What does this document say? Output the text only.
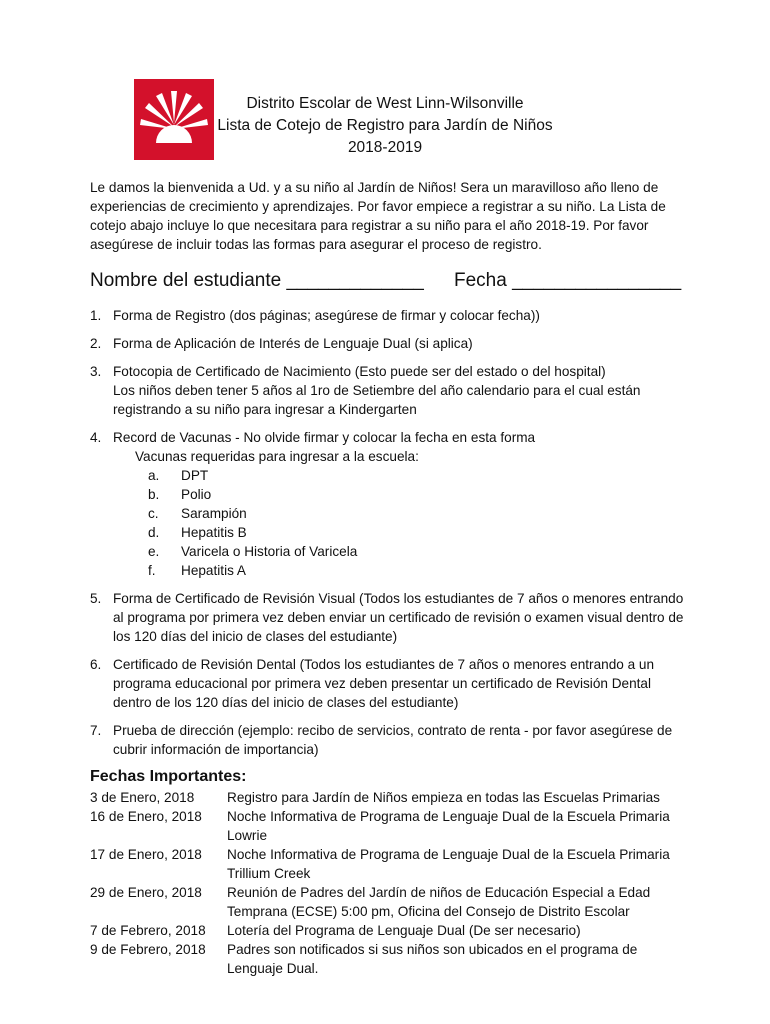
Distrito Escolar de West Linn-Wilsonville
Lista de Cotejo de Registro para Jardín de Niños
2018-2019
Le damos la bienvenida a Ud. y a su niño al Jardín de Niños! Sera un maravilloso año lleno de experiencias de crecimiento y aprendizajes. Por favor empiece a registrar a su niño. La Lista de cotejo abajo incluye lo que necesitara para registrar a su niño para el año 2018-19. Por favor asegúrese de incluir todas las formas para asegurar el proceso de registro.
Nombre del estudiante _____________ Fecha ________________
1. Forma de Registro (dos páginas; asegúrese de firmar y colocar fecha))
2. Forma de Aplicación de Interés de Lenguaje Dual (si aplica)
3. Fotocopia de Certificado de Nacimiento (Esto puede ser del estado o del hospital)
Los niños deben tener 5 años al 1ro de Setiembre del año calendario para el cual están registrando a su niño para ingresar a Kindergarten
4. Record de Vacunas - No olvide firmar y colocar la fecha en esta forma
Vacunas requeridas para ingresar a la escuela:
a. DPT
b. Polio
c. Sarampión
d. Hepatitis B
e. Varicela o Historia of Varicela
f. Hepatitis A
5. Forma de Certificado de Revisión Visual (Todos los estudiantes de 7 años o menores entrando al programa por primera vez deben enviar un certificado de revisión o examen visual dentro de los 120 días del inicio de clases del estudiante)
6. Certificado de Revisión Dental (Todos los estudiantes de 7 años o menores entrando a un programa educacional por primera vez deben presentar un certificado de Revisión Dental dentro de los 120 días del inicio de clases del estudiante)
7. Prueba de dirección (ejemplo: recibo de servicios, contrato de renta - por favor asegúrese de cubrir información de importancia)
Fechas Importantes:
3 de Enero, 2018	Registro para Jardín de Niños empieza en todas las Escuelas Primarias
16 de Enero, 2018	Noche Informativa de Programa de Lenguaje Dual de la Escuela Primaria Lowrie
17 de Enero, 2018	Noche Informativa de Programa de Lenguaje Dual de la Escuela Primaria Trillium Creek
29 de Enero, 2018	Reunión de Padres del Jardín de niños de Educación Especial a Edad Temprana (ECSE) 5:00 pm, Oficina del Consejo de Distrito Escolar
7 de Febrero, 2018	Lotería del Programa de Lenguaje Dual (De ser necesario)
9 de Febrero, 2018	Padres son notificados si sus niños son ubicados en el programa de Lenguaje Dual.
